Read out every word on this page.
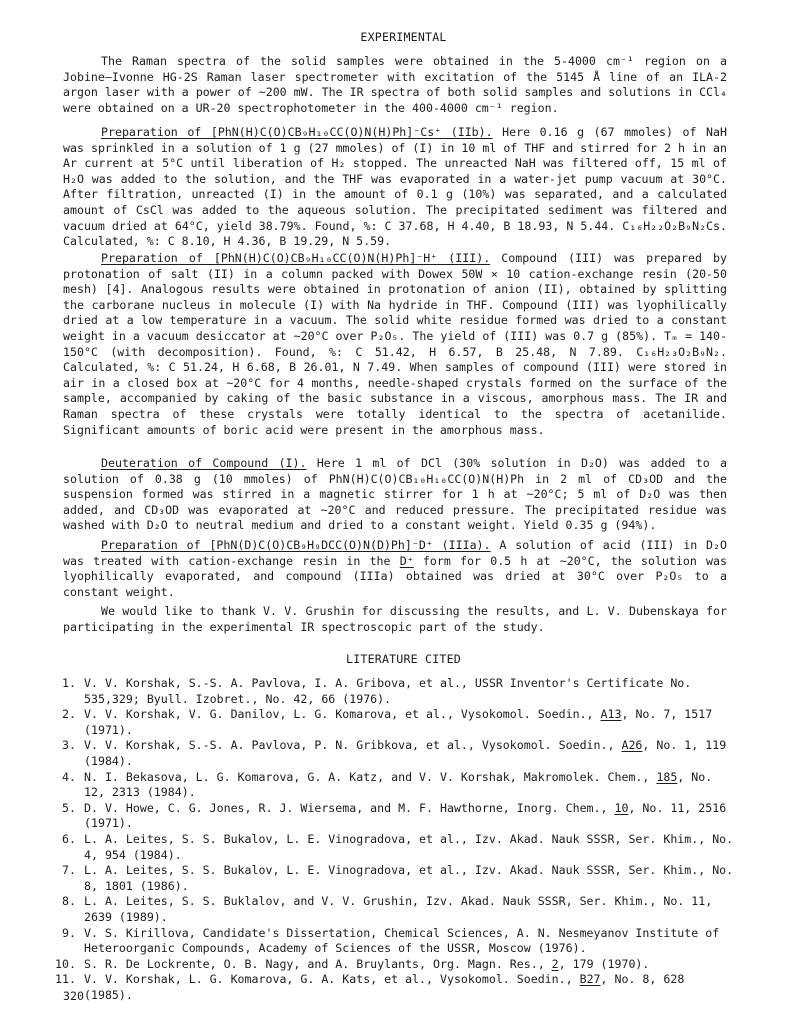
EXPERIMENTAL

The Raman spectra of the solid samples were obtained in the 5-4000 cm⁻¹ region on a Jobine–Ivonne HG-2S Raman laser spectrometer with excitation of the 5145 Å line of an ILA-2 argon laser with a power of ~200 mW. The IR spectra of both solid samples and solutions in CCl₄ were obtained on a UR-20 spectrophotometer in the 400-4000 cm⁻¹ region.

Preparation of [PhN(H)C(O)CB₉H₁₀CC(O)N(H)Ph]⁻Cs⁺ (IIb). Here 0.16 g (67 mmoles) of NaH was sprinkled in a solution of 1 g (27 mmoles) of (I) in 10 ml of THF and stirred for 2 h in an Ar current at 5°C until liberation of H₂ stopped. The unreacted NaH was filtered off, 15 ml of H₂O was added to the solution, and the THF was evaporated in a water-jet pump vacuum at 30°C. After filtration, unreacted (I) in the amount of 0.1 g (10%) was separated, and a calculated amount of CsCl was added to the aqueous solution. The precipitated sediment was filtered and vacuum dried at 64°C, yield 38.79%. Found, %: C 37.68, H 4.40, B 18.93, N 5.44. C₁₆H₂₂O₂B₉N₂Cs. Calculated, %: C 8.10, H 4.36, B 19.29, N 5.59.

Preparation of [PhN(H)C(O)CB₉H₁₀CC(O)N(H)Ph]⁻H⁺ (III). Compound (III) was prepared by protonation of salt (II) in a column packed with Dowex 50W × 10 cation-exchange resin (20-50 mesh) [4]. Analogous results were obtained in protonation of anion (II), obtained by splitting the carborane nucleus in molecule (I) with Na hydride in THF. Compound (III) was lyophilically dried at a low temperature in a vacuum. The solid white residue formed was dried to a constant weight in a vacuum desiccator at ~20°C over P₂O₅. The yield of (III) was 0.7 g (85%). Tₘ = 140-150°C (with decomposition). Found, %: C 51.42, H 6.57, B 25.48, N 7.89. C₁₆H₂₃O₂B₉N₂. Calculated, %: C 51.24, H 6.68, B 26.01, N 7.49. When samples of compound (III) were stored in air in a closed box at ~20°C for 4 months, needle-shaped crystals formed on the surface of the sample, accompanied by caking of the basic substance in a viscous, amorphous mass. The IR and Raman spectra of these crystals were totally identical to the spectra of acetanilide. Significant amounts of boric acid were present in the amorphous mass.

Deuteration of Compound (I). Here 1 ml of DCl (30% solution in D₂O) was added to a solution of 0.38 g (10 mmoles) of PhN(H)C(O)CB₁₀H₁₀CC(O)N(H)Ph in 2 ml of CD₃OD and the suspension formed was stirred in a magnetic stirrer for 1 h at ~20°C; 5 ml of D₂O was then added, and CD₃OD was evaporated at ~20°C and reduced pressure. The precipitated residue was washed with D₂O to neutral medium and dried to a constant weight. Yield 0.35 g (94%).

Preparation of [PhN(D)C(O)CB₉H₉DCC(O)N(D)Ph]⁻D⁺ (IIIa). A solution of acid (III) in D₂O was treated with cation-exchange resin in the D⁺ form for 0.5 h at ~20°C, the solution was lyophilically evaporated, and compound (IIIa) obtained was dried at 30°C over P₂O₅ to a constant weight.

We would like to thank V. V. Grushin for discussing the results, and L. V. Dubenskaya for participating in the experimental IR spectroscopic part of the study.

LITERATURE CITED
1. V. V. Korshak, S.-S. A. Pavlova, I. A. Gribova, et al., USSR Inventor's Certificate No. 535,329; Byull. Izobret., No. 42, 66 (1976).
2. V. V. Korshak, V. G. Danilov, L. G. Komarova, et al., Vysokomol. Soedin., A13, No. 7, 1517 (1971).
3. V. V. Korshak, S.-S. A. Pavlova, P. N. Gribkova, et al., Vysokomol. Soedin., A26, No. 1, 119 (1984).
4. N. I. Bekasova, L. G. Komarova, G. A. Katz, and V. V. Korshak, Makromolek. Chem., 185, No. 12, 2313 (1984).
5. D. V. Howe, C. G. Jones, R. J. Wiersema, and M. F. Hawthorne, Inorg. Chem., 10, No. 11, 2516 (1971).
6. L. A. Leites, S. S. Bukalov, L. E. Vinogradova, et al., Izv. Akad. Nauk SSSR, Ser. Khim., No. 4, 954 (1984).
7. L. A. Leites, S. S. Bukalov, L. E. Vinogradova, et al., Izv. Akad. Nauk SSSR, Ser. Khim., No. 8, 1801 (1986).
8. L. A. Leites, S. S. Buklalov, and V. V. Grushin, Izv. Akad. Nauk SSSR, Ser. Khim., No. 11, 2639 (1989).
9. V. S. Kirillova, Candidate's Dissertation, Chemical Sciences, A. N. Nesmeyanov Institute of Heteroorganic Compounds, Academy of Sciences of the USSR, Moscow (1976).
10. S. R. De Lockrente, O. B. Nagy, and A. Bruylants, Org. Magn. Res., 2, 179 (1970).
11. V. V. Korshak, L. G. Komarova, G. A. Kats, et al., Vysokomol. Soedin., B27, No. 8, 628 (1985).
320
